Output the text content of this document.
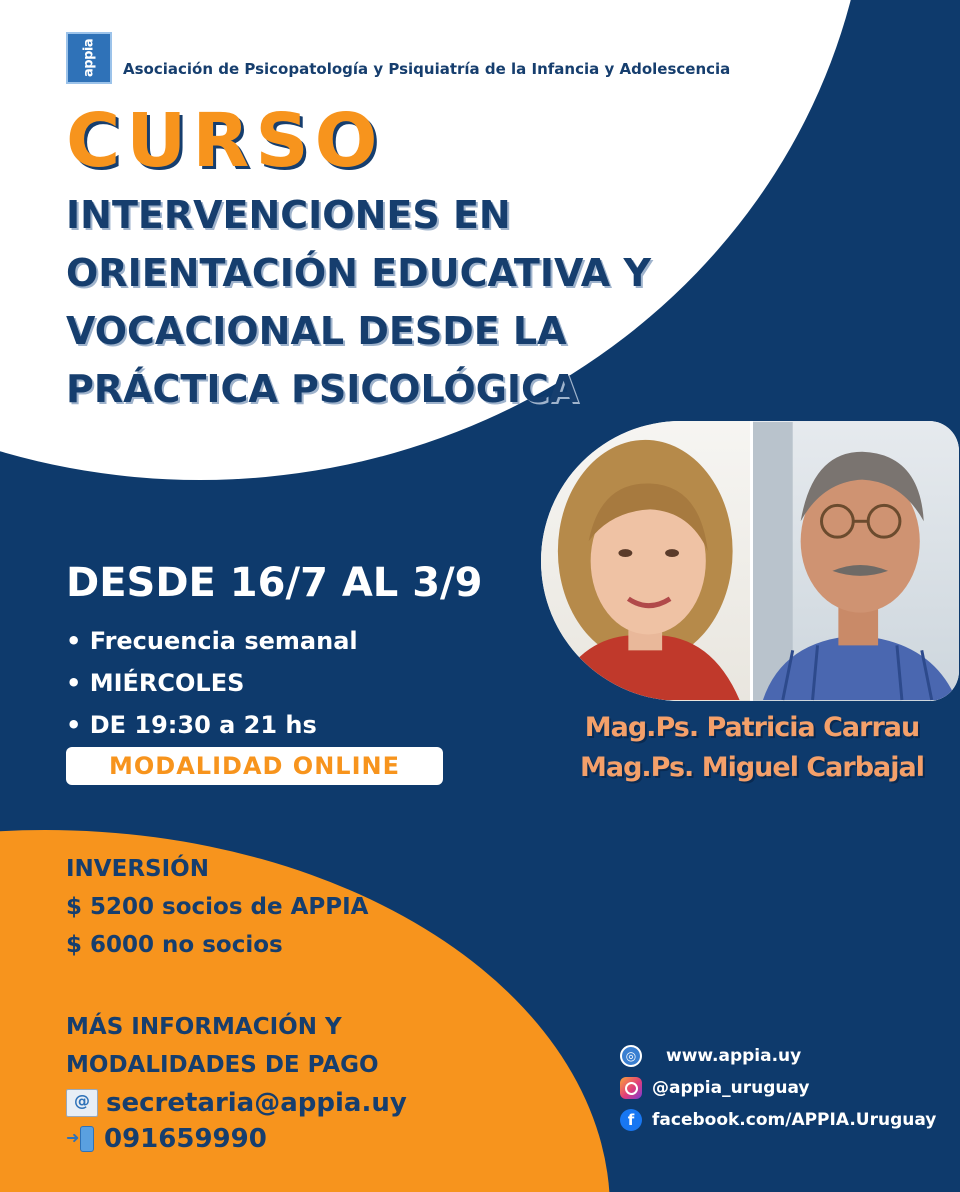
appia	Asociación de Psicopatología y Psiquiatría de la Infancia y Adolescencia
CURSO
INTERVENCIONES EN
ORIENTACIÓN EDUCATIVA Y
VOCACIONAL DESDE LA
PRÁCTICA PSICOLÓGICA
DESDE 16/7 AL 3/9
• Frecuencia semanal
• MIÉRCOLES
• DE 19:30 a 21 hs
MODALIDAD ONLINE
Mag.Ps. Patricia Carrau
Mag.Ps. Miguel Carbajal
INVERSIÓN
$ 5200 socios de APPIA
$ 6000 no socios
MÁS INFORMACIÓN Y
MODALIDADES DE PAGO
@
secretaria@appia.uy
➜
091659990
◎
www.appia.uy
@appia_uruguay
f
facebook.com/APPIA.Uruguay
